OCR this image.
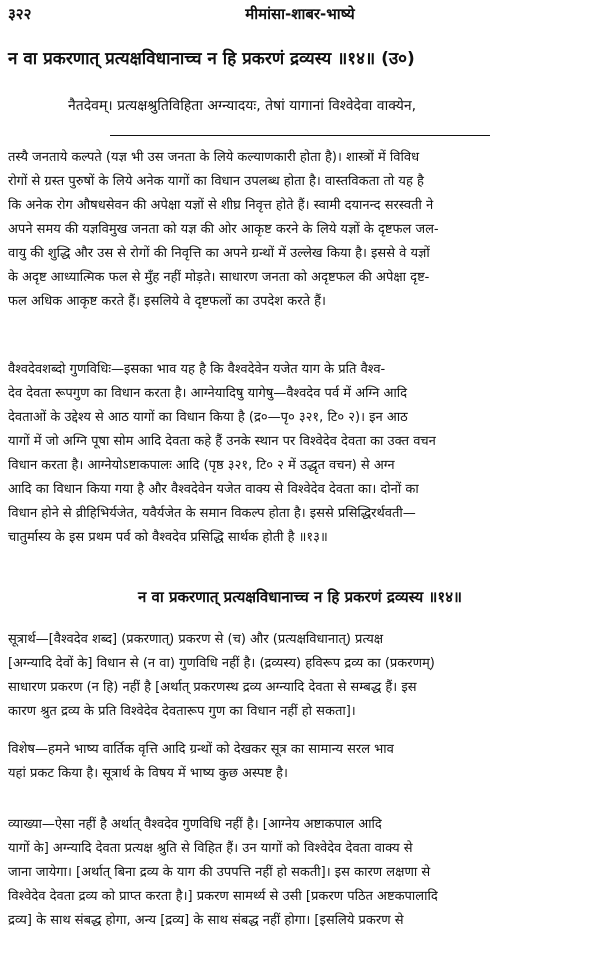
३२२	मीमांसा-शाबर-भाष्ये
न वा प्रकरणात् प्रत्यक्षविधानाच्च न हि प्रकरणं द्रव्यस्य ॥१४॥ (उ०)
नैतदेवम्। प्रत्यक्षश्रुतिविहिता अग्न्यादयः, तेषां यागानां विश्वेदेवा वाक्येन,

तस्यै जनताये कल्पते (यज्ञ भी उस जनता के लिये कल्याणकारी होता है)। शास्त्रों में विविध

रोगों से ग्रस्त पुरुषों के लिये अनेक यागों का विधान उपलब्ध होता है। वास्तविकता तो यह है

कि अनेक रोग औषधसेवन की अपेक्षा यज्ञों से शीघ्र निवृत्त होते हैं। स्वामी दयानन्द सरस्वती ने

अपने समय की यज्ञविमुख जनता को यज्ञ की ओर आकृष्ट करने के लिये यज्ञों के दृष्टफल जल-

वायु की शुद्धि और उस से रोगों की निवृत्ति का अपने ग्रन्थों में उल्लेख किया है। इससे वे यज्ञों

के अदृष्ट आध्यात्मिक फल से मुँह नहीं मोड़ते। साधारण जनता को अदृष्टफल की अपेक्षा दृष्ट-

फल अधिक आकृष्ट करते हैं। इसलिये वे दृष्टफलों का उपदेश करते हैं।

वैश्वदेवशब्दो गुणविधिः—इसका भाव यह है कि वैश्वदेवेन यजेत याग के प्रति वैश्व-

देव देवता रूपगुण का विधान करता है। आग्नेयादिषु यागेषु—वैश्वदेव पर्व में अग्नि आदि

देवताओं के उद्देश्य से आठ यागों का विधान किया है (द्र०—पृ० ३२१, टि० २)। इन आठ

यागों में जो अग्नि पूषा सोम आदि देवता कहे हैं उनके स्थान पर विश्वेदेव देवता का उक्त वचन

विधान करता है। आग्नेयोऽष्टाकपालः आदि (पृष्ठ ३२१, टि० २ में उद्धृत वचन) से अग्न

आदि का विधान किया गया है और वैश्वदेवेन यजेत वाक्य से विश्वेदेव देवता का। दोनों का

विधान होने से व्रीहिभिर्यजेत, यवैर्यजेत के समान विकल्प होता है। इससे प्रसिद्धिरर्थवती—

चातुर्मास्य के इस प्रथम पर्व को वैश्वदेव प्रसिद्धि सार्थक होती है ॥१३॥

न वा प्रकरणात् प्रत्यक्षविधानाच्च न हि प्रकरणं द्रव्यस्य ॥१४॥

सूत्रार्थ—[वैश्वदेव शब्द] (प्रकरणात्) प्रकरण से (च) और (प्रत्यक्षविधानात्) प्रत्यक्ष

[अग्न्यादि देवों के] विधान से (न वा) गुणविधि नहीं है। (द्रव्यस्य) हविरूप द्रव्य का (प्रकरणम्)

साधारण प्रकरण (न हि) नहीं है [अर्थात् प्रकरणस्थ द्रव्य अग्न्यादि देवता से सम्बद्ध हैं। इस

कारण श्रुत द्रव्य के प्रति विश्वेदेव देवतारूप गुण का विधान नहीं हो सकता]।

विशेष—हमने भाष्य वार्तिक वृत्ति आदि ग्रन्थों को देखकर सूत्र का सामान्य सरल भाव

यहां प्रकट किया है। सूत्रार्थ के विषय में भाष्य कुछ अस्पष्ट है।

व्याख्या—ऐसा नहीं है अर्थात् वैश्वदेव गुणविधि नहीं है। [आग्नेय अष्टाकपाल आदि

यागों के] अग्न्यादि देवता प्रत्यक्ष श्रुति से विहित हैं। उन यागों को विश्वेदेव देवता वाक्य से

जाना जायेगा। [अर्थात् बिना द्रव्य के याग की उपपत्ति नहीं हो सकती]। इस कारण लक्षणा से

विश्वेदेव देवता द्रव्य को प्राप्त करता है।] प्रकरण सामर्थ्य से उसी [प्रकरण पठित अष्टकपालादि

द्रव्य] के साथ संबद्ध होगा, अन्य [द्रव्य] के साथ संबद्ध नहीं होगा। [इसलिये प्रकरण से
